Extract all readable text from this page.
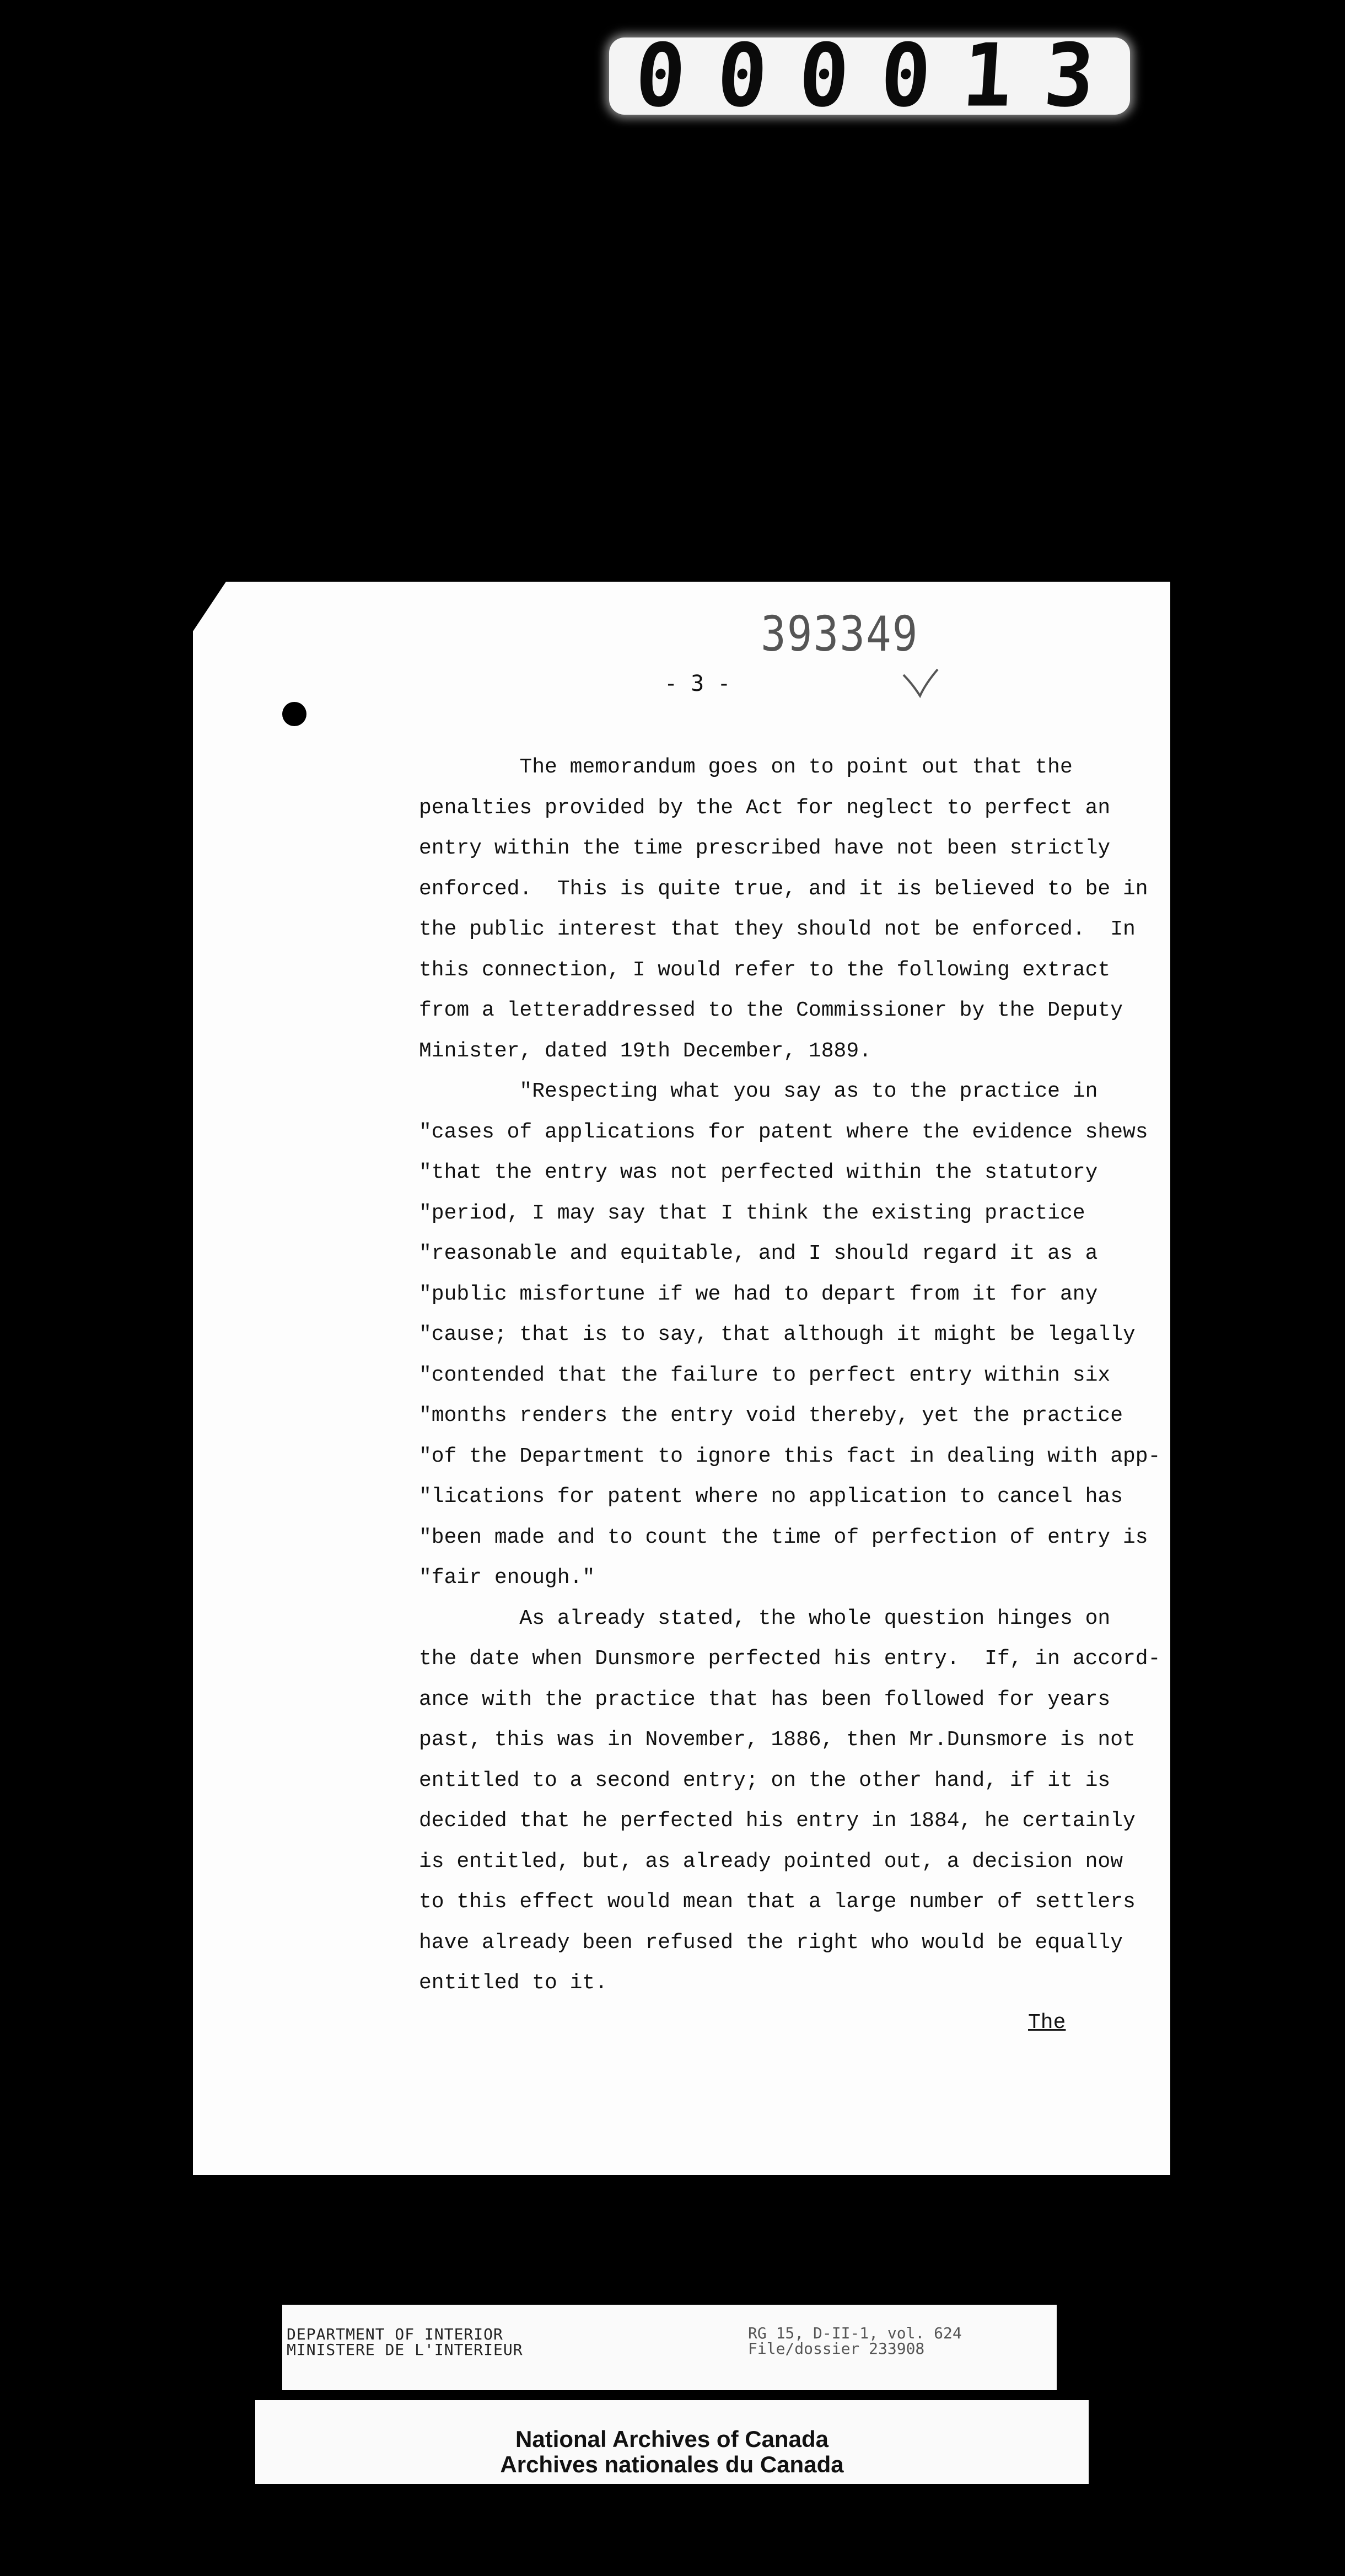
000013
393349
- 3 -
The memorandum goes on to point out that the
penalties provided by the Act for neglect to perfect an
entry within the time prescribed have not been strictly
enforced.  This is quite true, and it is believed to be in
the public interest that they should not be enforced.  In
this connection, I would refer to the following extract
from a letteraddressed to the Commissioner by the Deputy
Minister, dated 19th December, 1889.
"Respecting what you say as to the practice in
"cases of applications for patent where the evidence shews
"that the entry was not perfected within the statutory
"period, I may say that I think the existing practice
"reasonable and equitable, and I should regard it as a
"public misfortune if we had to depart from it for any
"cause; that is to say, that although it might be legally
"contended that the failure to perfect entry within six
"months renders the entry void thereby, yet the practice
"of the Department to ignore this fact in dealing with app-
"lications for patent where no application to cancel has
"been made and to count the time of perfection of entry is
"fair enough."
As already stated, the whole question hinges on
the date when Dunsmore perfected his entry.  If, in accord-
ance with the practice that has been followed for years
past, this was in November, 1886, then Mr.Dunsmore is not
entitled to a second entry; on the other hand, if it is
decided that he perfected his entry in 1884, he certainly
is entitled, but, as already pointed out, a decision now
to this effect would mean that a large number of settlers
have already been refused the right who would be equally
entitled to it.
The
DEPARTMENT OF INTERIOR
MINISTERE DE L'INTERIEUR
RG 15, D-II-1, vol. 624
File/dossier 233908
National Archives of Canada
Archives nationales du Canada
